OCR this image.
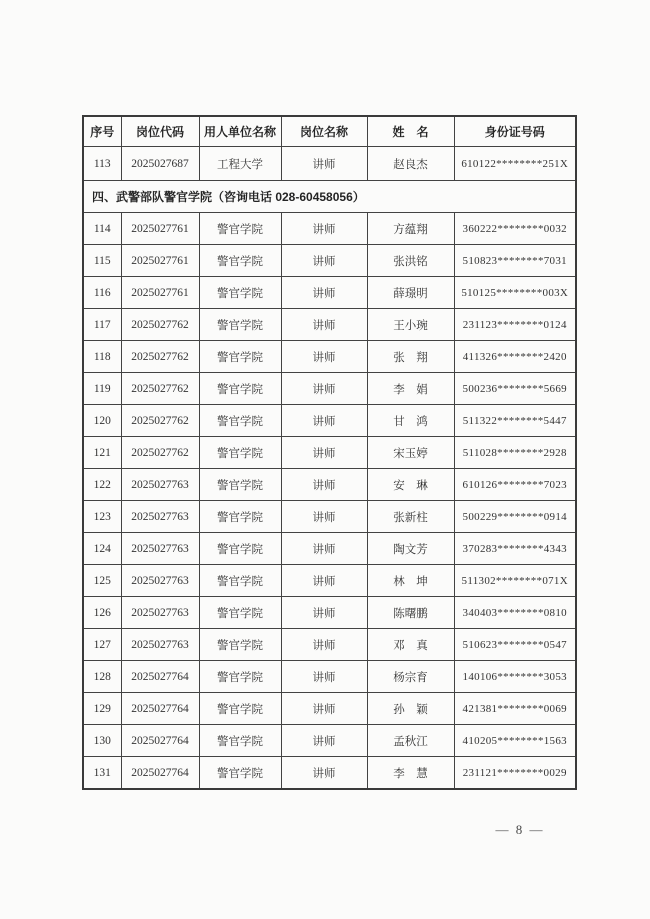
序号	岗位代码	用人单位名称	岗位名称	姓　名	身份证号码
113	2025027687	工程大学	讲师	赵良杰	610122********251X
四、武警部队警官学院（咨询电话 028-60458056）					
114	2025027761	警官学院	讲师	方蕴翔	360222********0032
115	2025027761	警官学院	讲师	张洪铭	510823********7031
116	2025027761	警官学院	讲师	薛璟明	510125********003X
117	2025027762	警官学院	讲师	王小琬	231123********0124
118	2025027762	警官学院	讲师	张　翔	411326********2420
119	2025027762	警官学院	讲师	李　娟	500236********5669
120	2025027762	警官学院	讲师	甘　鸿	511322********5447
121	2025027762	警官学院	讲师	宋玉婷	511028********2928
122	2025027763	警官学院	讲师	安　琳	610126********7023
123	2025027763	警官学院	讲师	张新柱	500229********0914
124	2025027763	警官学院	讲师	陶文芳	370283********4343
125	2025027763	警官学院	讲师	林　坤	511302********071X
126	2025027763	警官学院	讲师	陈曙鹏	340403********0810
127	2025027763	警官学院	讲师	邓　真	510623********0547
128	2025027764	警官学院	讲师	杨宗育	140106********3053
129	2025027764	警官学院	讲师	孙　颖	421381********0069
130	2025027764	警官学院	讲师	孟秋江	410205********1563
131	2025027764	警官学院	讲师	李　慧	231121********0029
— 8 —
